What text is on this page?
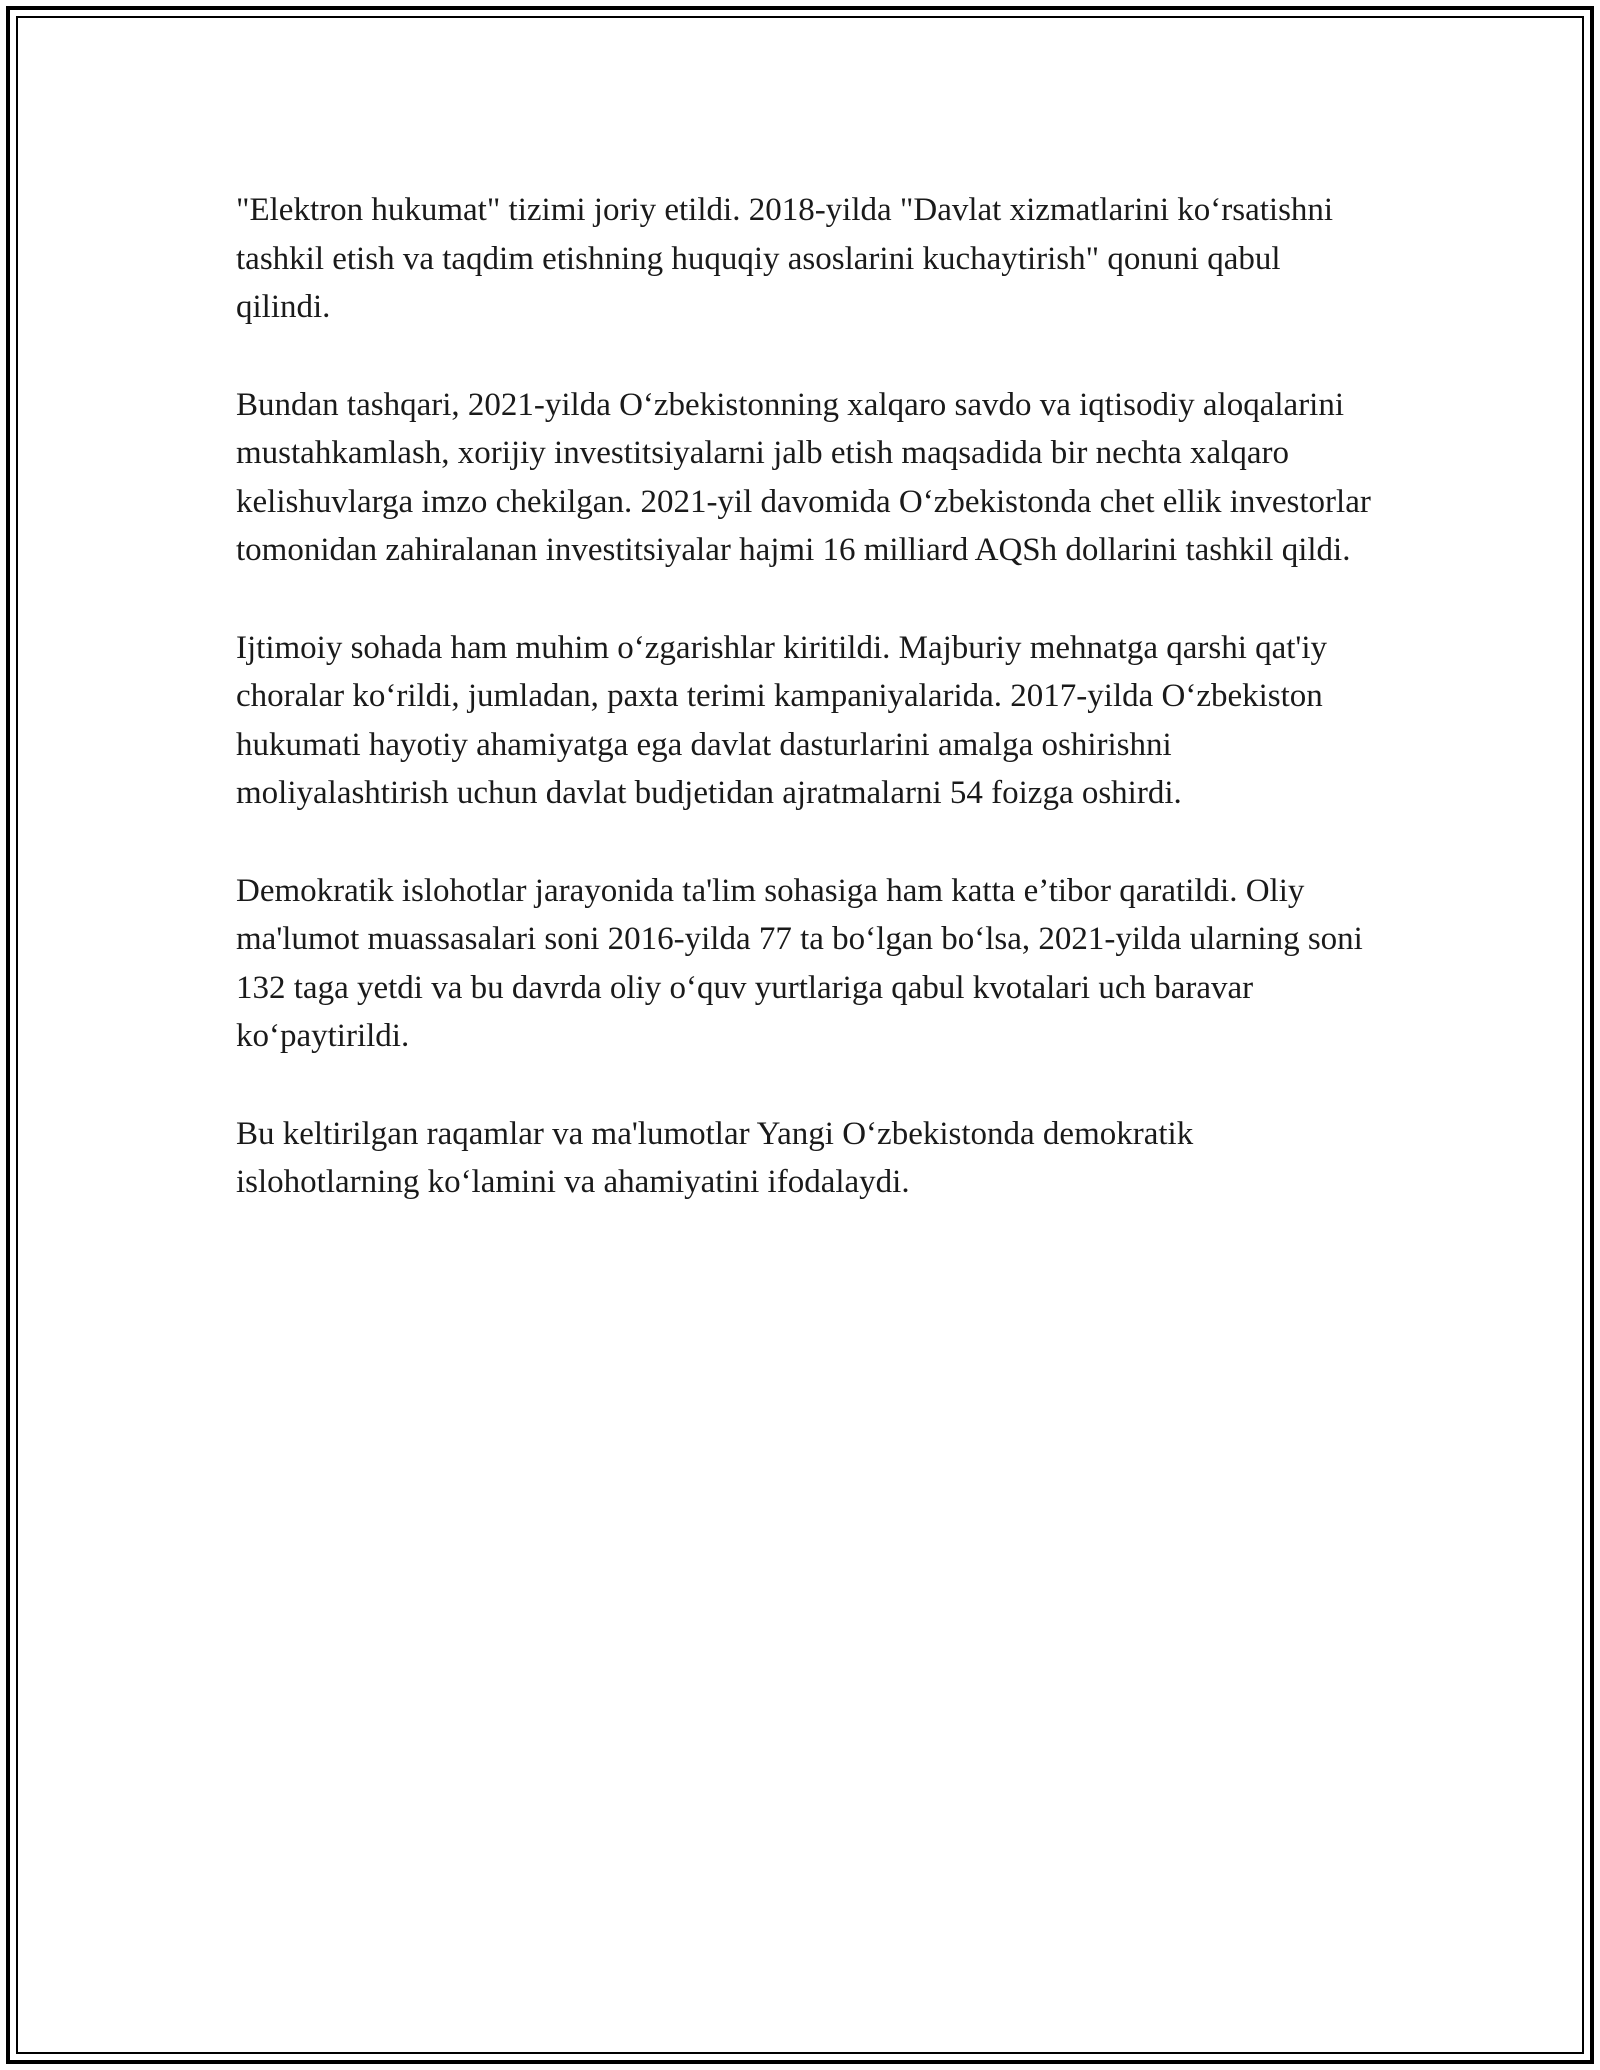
"Elektron hukumat" tizimi joriy etildi. 2018-yilda "Davlat xizmatlarini koʻrsatishni tashkil etish va taqdim etishning huquqiy asoslarini kuchaytirish" qonuni qabul qilindi.

Bundan tashqari, 2021-yilda Oʻzbekistonning xalqaro savdo va iqtisodiy aloqalarini mustahkamlash, xorijiy investitsiyalarni jalb etish maqsadida bir nechta xalqaro kelishuvlarga imzo chekilgan. 2021-yil davomida Oʻzbekistonda chet ellik investorlar tomonidan zahiralanan investitsiyalar hajmi 16 milliard AQSh dollarini tashkil qildi.

Ijtimoiy sohada ham muhim oʻzgarishlar kiritildi. Majburiy mehnatga qarshi qat'iy choralar koʻrildi, jumladan, paxta terimi kampaniyalarida. 2017-yilda Oʻzbekiston hukumati hayotiy ahamiyatga ega davlat dasturlarini amalga oshirishni moliyalashtirish uchun davlat budjetidan ajratmalarni 54 foizga oshirdi.

Demokratik islohotlar jarayonida ta'lim sohasiga ham katta e’tibor qaratildi. Oliy ma'lumot muassasalari soni 2016-yilda 77 ta boʻlgan boʻlsa, 2021-yilda ularning soni 132 taga yetdi va bu davrda oliy oʻquv yurtlariga qabul kvotalari uch baravar koʻpaytirildi.

Bu keltirilgan raqamlar va ma'lumotlar Yangi Oʻzbekistonda demokratik islohotlarning koʻlamini va ahamiyatini ifodalaydi.
